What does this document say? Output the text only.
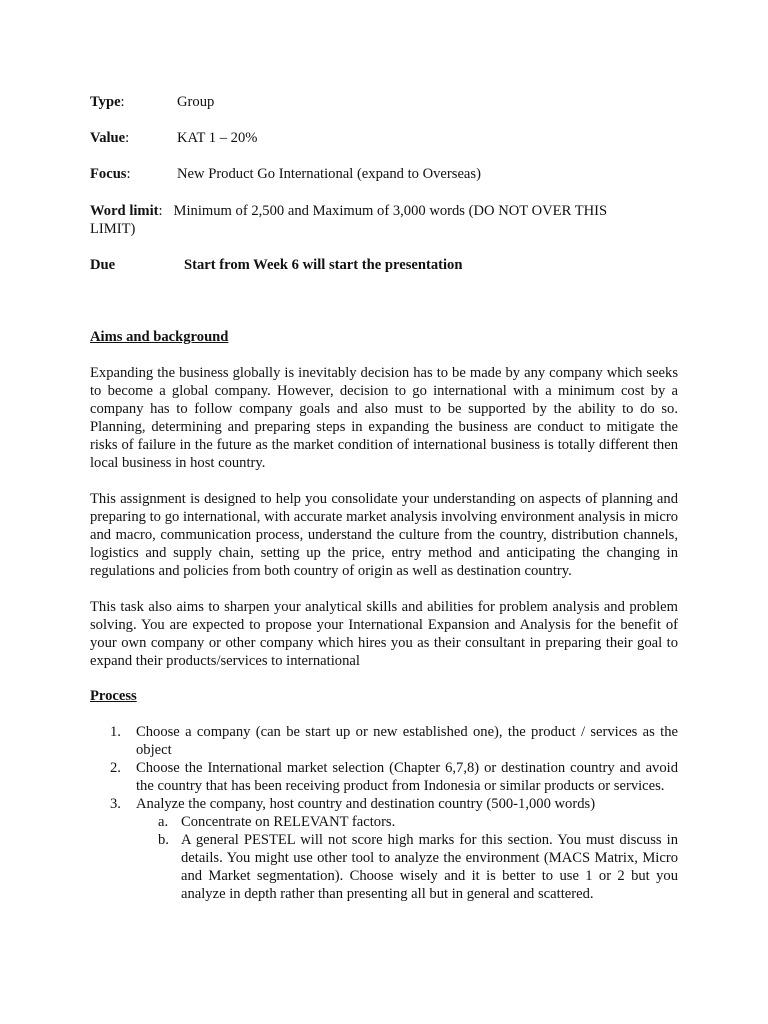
Type:	Group
Value:	KAT 1 – 20%
Focus:	New Product Go International (expand to Overseas)
Word limit: Minimum of 2,500 and Maximum of 3,000 words (DO NOT OVER THIS
LIMIT)
Due	Start from Week 6 will start the presentation
Aims and background

Expanding the business globally is inevitably decision has to be made by any company which seeks to become a global company. However, decision to go international with a minimum cost by a company has to follow company goals and also must to be supported by the ability to do so. Planning, determining and preparing steps in expanding the business are conduct to mitigate the risks of failure in the future as the market condition of international business is totally different then local business in host country.

This assignment is designed to help you consolidate your understanding on aspects of planning and preparing to go international, with accurate market analysis involving environment analysis in micro and macro, communication process, understand the culture from the country, distribution channels, logistics and supply chain, setting up the price, entry method and anticipating the changing in regulations and policies from both country of origin as well as destination country.

This task also aims to sharpen your analytical skills and abilities for problem analysis and problem solving. You are expected to propose your International Expansion and Analysis for the benefit of your own company or other company which hires you as their consultant in preparing their goal to expand their products/services to international

Process
1. Choose a company (can be start up or new established one), the product / services as the object
2. Choose the International market selection (Chapter 6,7,8) or destination country and avoid the country that has been receiving product from Indonesia or similar products or services.
3. Analyze the company, host country and destination country (500-1,000 words)
a. Concentrate on RELEVANT factors.
b. A general PESTEL will not score high marks for this section. You must discuss in details. You might use other tool to analyze the environment (MACS Matrix, Micro and Market segmentation). Choose wisely and it is better to use 1 or 2 but you analyze in depth rather than presenting all but in general and scattered.
